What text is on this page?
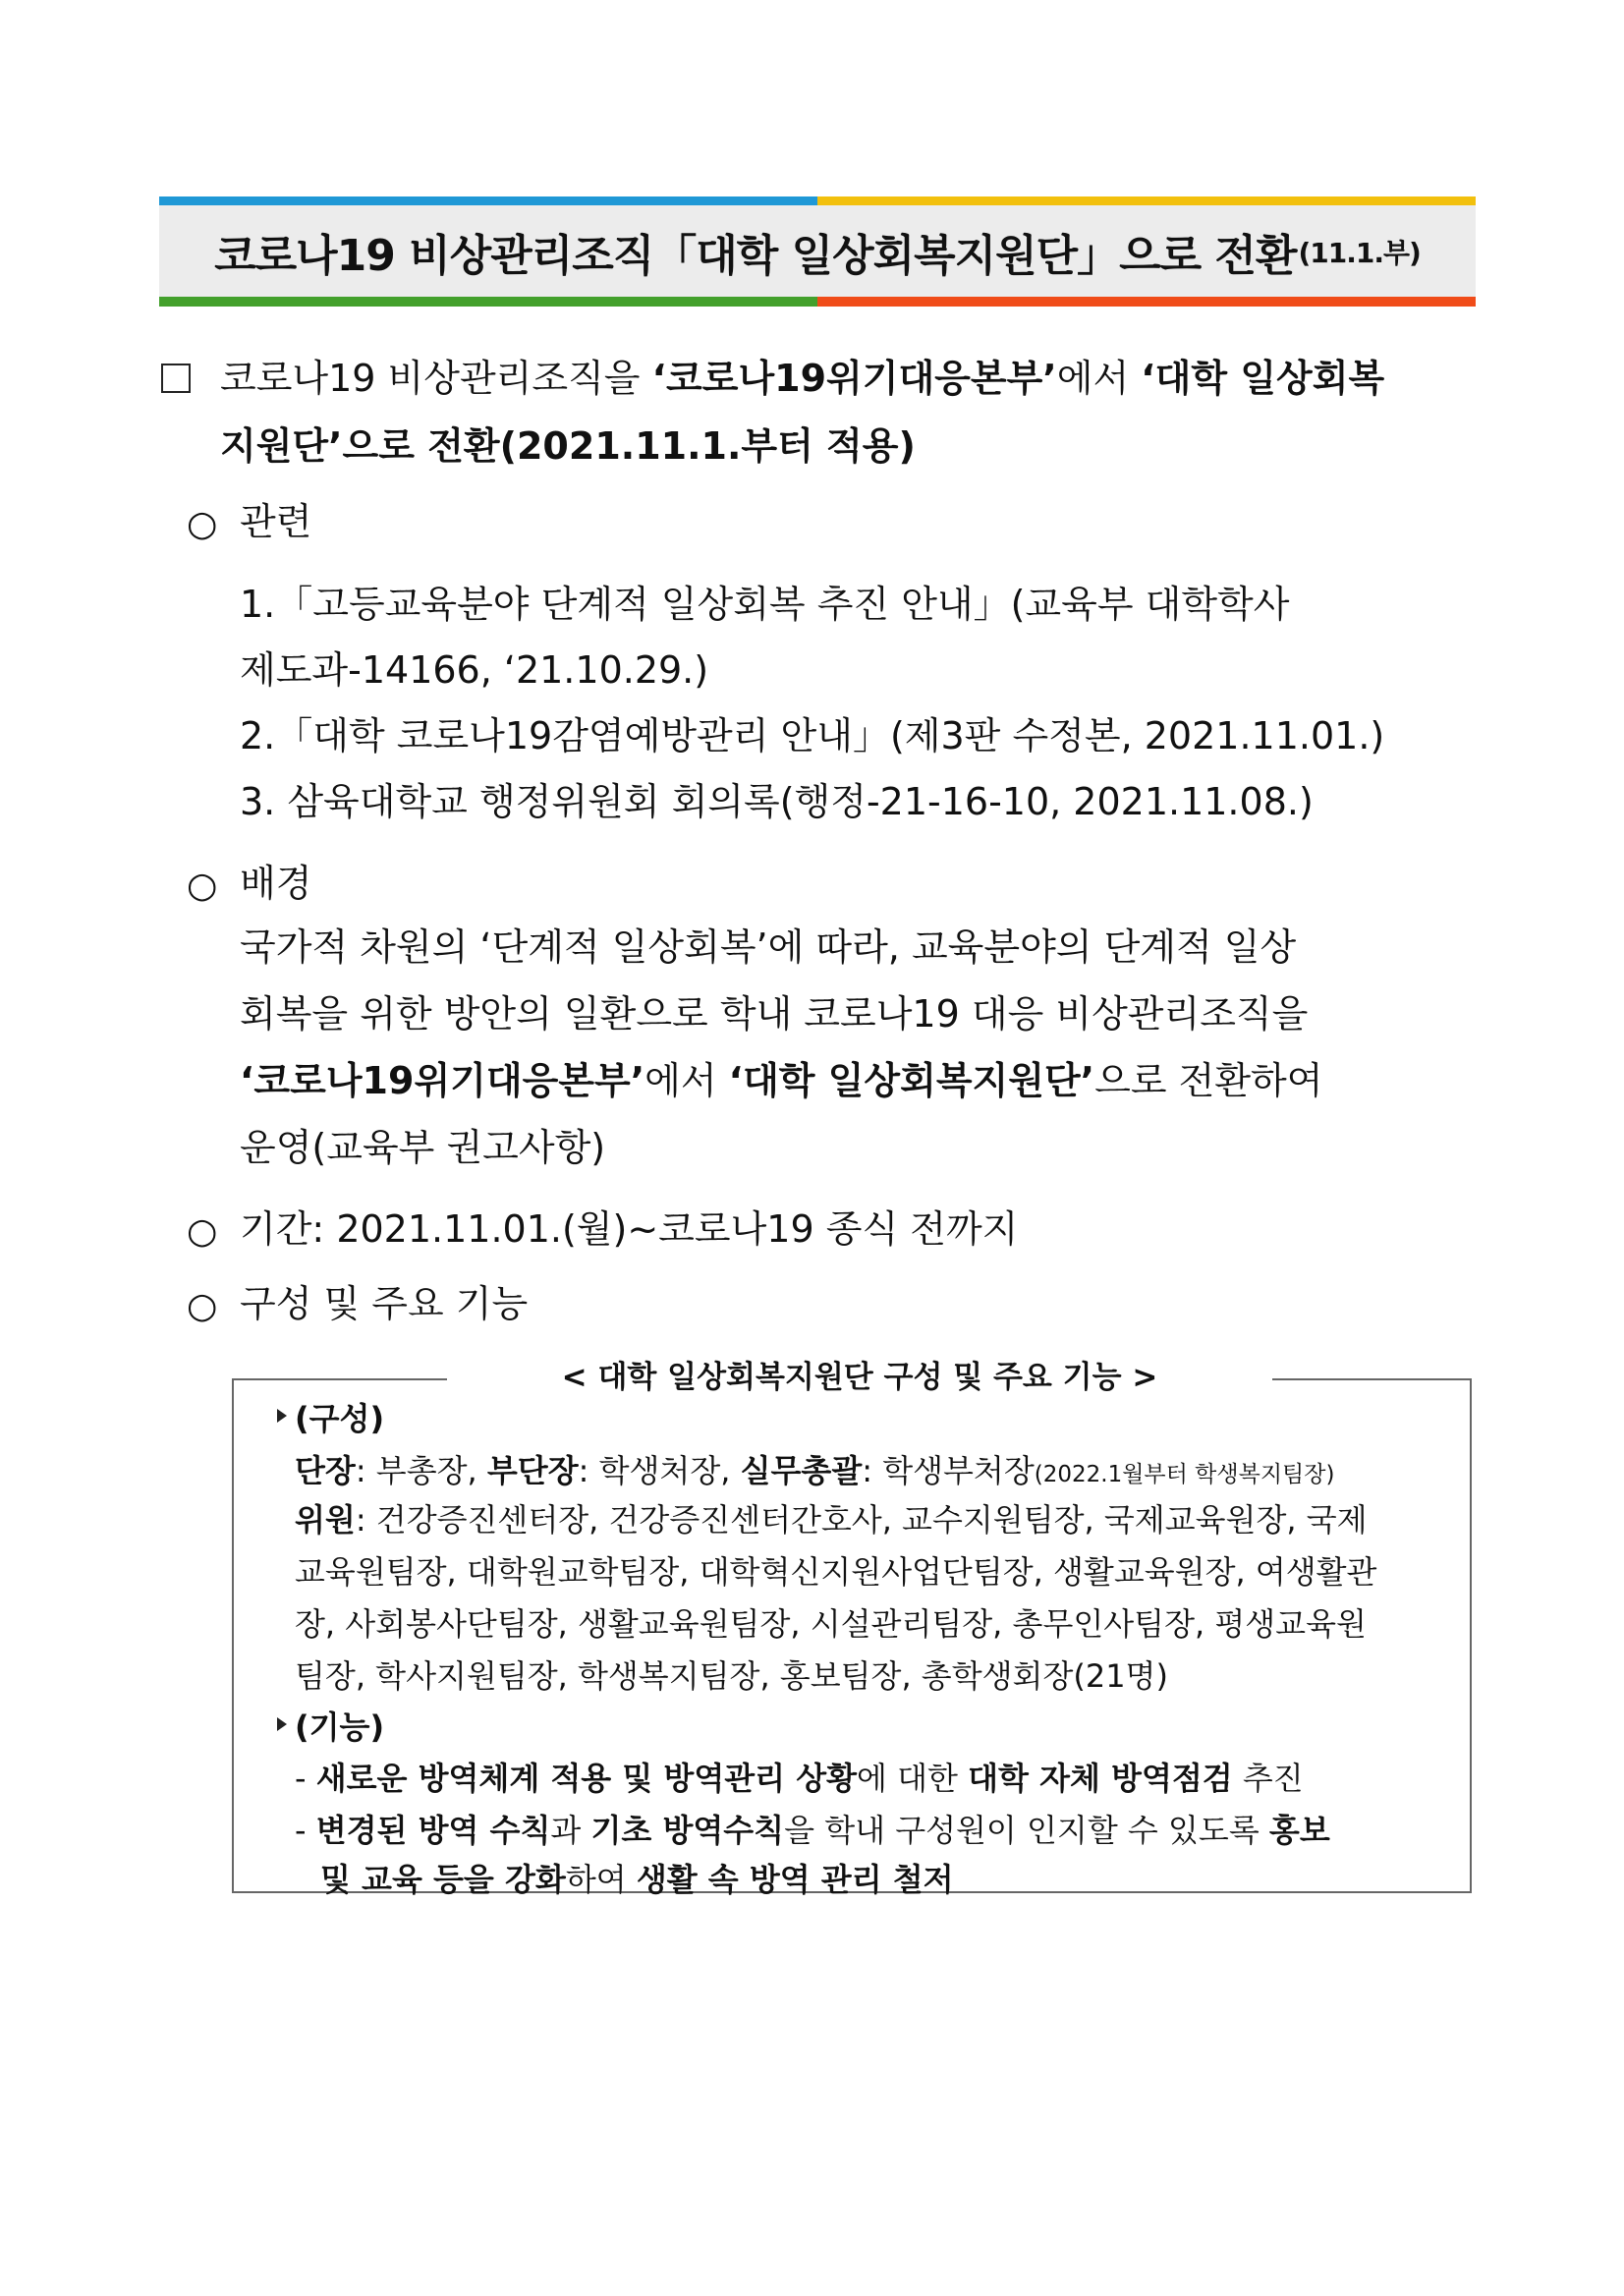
코로나19 비상관리조직「대학 일상회복지원단」으로 전환 (11.1.부)
코로나19 비상관리조직을 ‘코로나19위기대응본부’에서 ‘대학 일상회복
지원단’으로 전환(2021.11.1.부터 적용)
○ 관련
1.「고등교육분야 단계적 일상회복 추진 안내」(교육부 대학학사
제도과-14166, ‘21.10.29.)
2.「대학 코로나19감염예방관리 안내」(제3판 수정본, 2021.11.01.)
3. 삼육대학교 행정위원회 회의록(행정-21-16-10, 2021.11.08.)
○ 배경
국가적 차원의 ‘단계적 일상회복’에 따라, 교육분야의 단계적 일상
회복을 위한 방안의 일환으로 학내 코로나19 대응 비상관리조직을
‘코로나19위기대응본부’에서 ‘대학 일상회복지원단’으로 전환하여
운영(교육부 권고사항)
○ 기간: 2021.11.01.(월)~코로나19 종식 전까지
○ 구성 및 주요 기능
< 대학 일상회복지원단 구성 및 주요 기능 >
(구성)
단장: 부총장, 부단장: 학생처장, 실무총괄: 학생부처장(2022.1월부터 학생복지팀장)
위원: 건강증진센터장, 건강증진센터간호사, 교수지원팀장, 국제교육원장, 국제
교육원팀장, 대학원교학팀장, 대학혁신지원사업단팀장, 생활교육원장, 여생활관
장, 사회봉사단팀장, 생활교육원팀장, 시설관리팀장, 총무인사팀장, 평생교육원
팀장, 학사지원팀장, 학생복지팀장, 홍보팀장, 총학생회장(21명)
(기능)
- 새로운 방역체계 적용 및 방역관리 상황에 대한 대학 자체 방역점검 추진
- 변경된 방역 수칙과 기초 방역수칙을 학내 구성원이 인지할 수 있도록 홍보
및 교육 등을 강화하여 생활 속 방역 관리 철저
